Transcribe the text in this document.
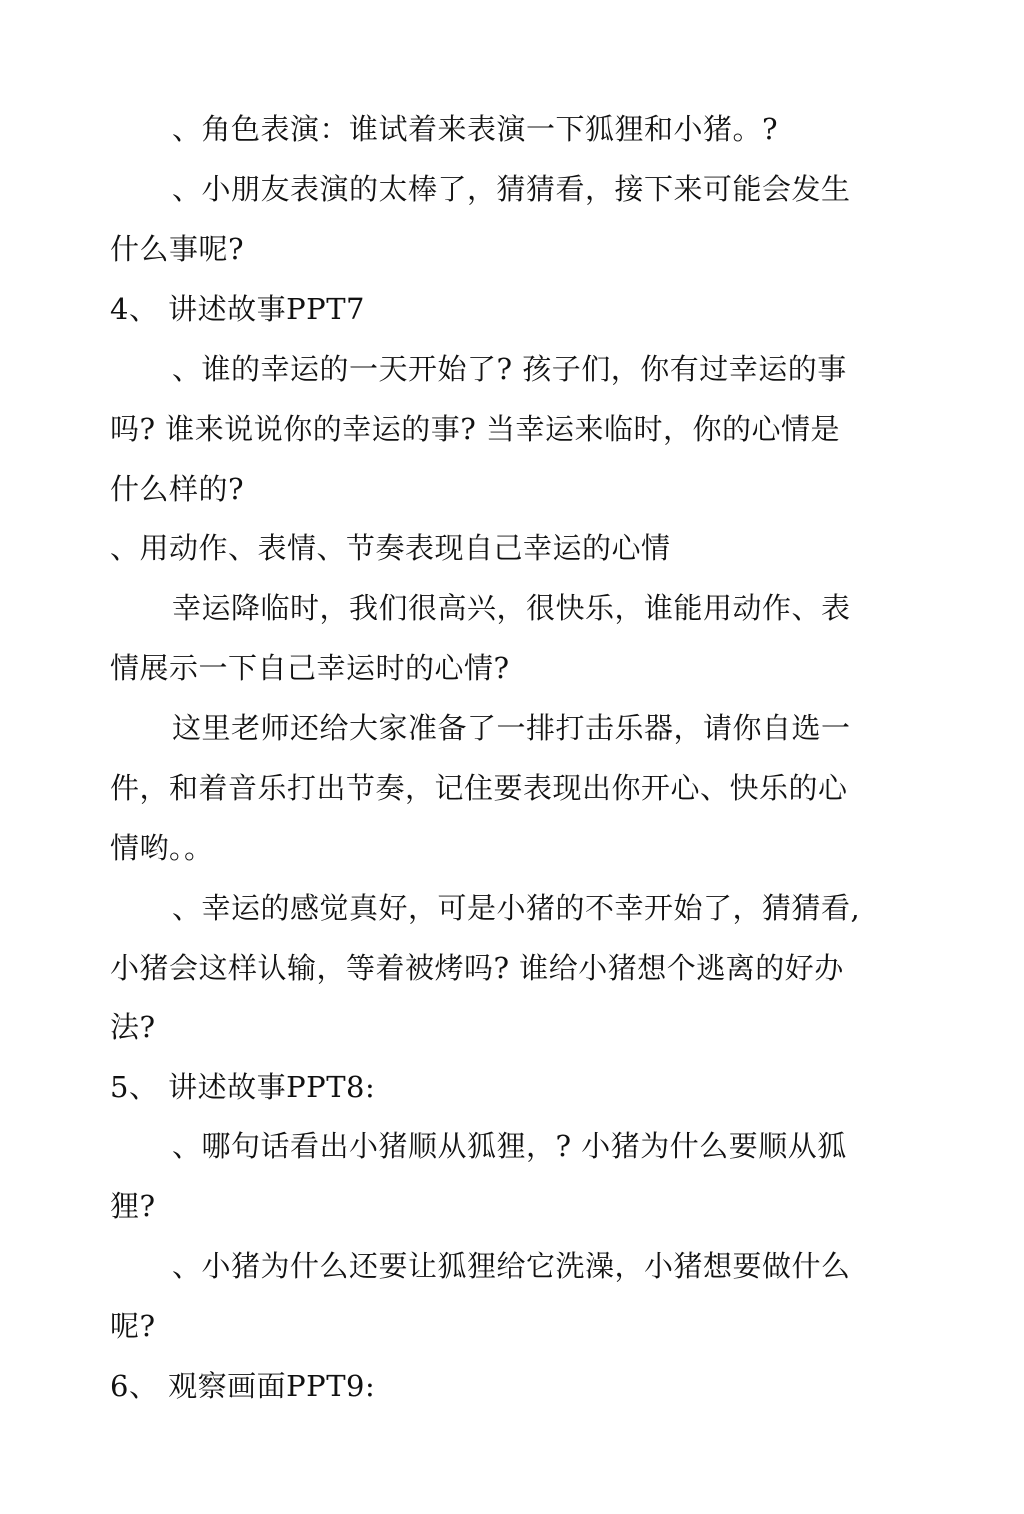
、角色表演：谁试着来表演一下狐狸和小猪。?
、小朋友表演的太棒了，猜猜看，接下来可能会发生
什么事呢?
4、 讲述故事PPT7
、谁的幸运的一天开始了? 孩子们，你有过幸运的事
吗? 谁来说说你的幸运的事? 当幸运来临时，你的心情是
什么样的?
、用动作、表情、节奏表现自己幸运的心情
幸运降临时，我们很高兴，很快乐，谁能用动作、表
情展示一下自己幸运时的心情?
这里老师还给大家准备了一排打击乐器，请你自选一
件，和着音乐打出节奏，记住要表现出你开心、快乐的心
情哟。。
、幸运的感觉真好，可是小猪的不幸开始了，猜猜看,
小猪会这样认输，等着被烤吗? 谁给小猪想个逃离的好办
法?
5、 讲述故事PPT8:
、哪句话看出小猪顺从狐狸，? 小猪为什么要顺从狐
狸?
、小猪为什么还要让狐狸给它洗澡，小猪想要做什么
呢?
6、 观察画面PPT9:
